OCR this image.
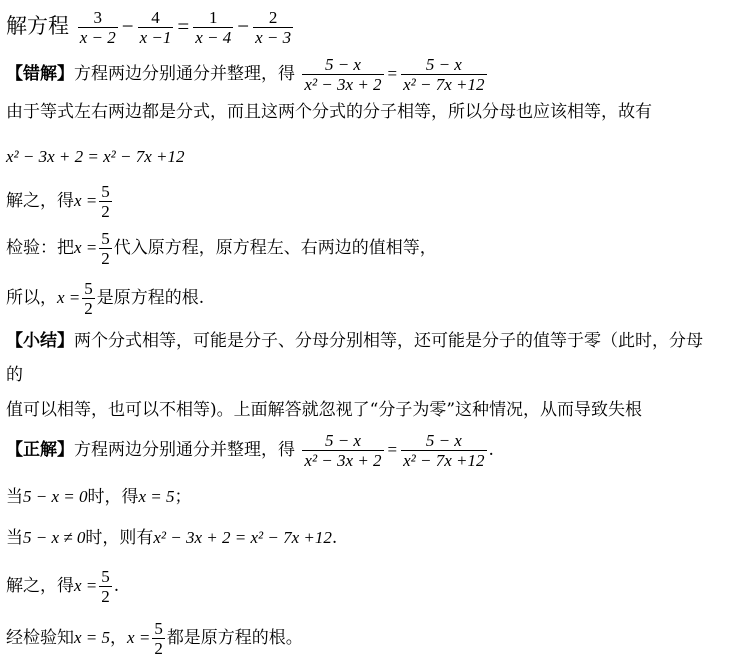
解方程 $\frac{3}{x - 2} - \frac{4}{x -1} = \frac{1}{x - 4} - \frac{2}{x - 3}$
【错解】方程两边分别通分并整理，得 $\frac{5 - x}{\text{x² − 3x + 2}} = \frac{5 - x}{\text{x² − 7x +12}}$
由于等式左右两边都是分式，而且这两个分式的分子相等，所以分母也应该相等，故有
x² − 3x + 2 = x² − 7x +12
解之，得$x = \frac{5}{2}$
检验：把$x = \frac{5}{2}$ 代入原方程，原方程左、右两边的值相等，
所以，$x = \frac{5}{2}$ 是原方程的根.
【小结】两个分式相等，可能是分子、分母分别相等，还可能是分子的值等于零（此时，分母
的
值可以相等，也可以不相等)。上面解答就忽视了“分子为零”这种情况，从而导致失根
【正解】方程两边分别通分并整理，得 $\frac{5 - x}{\text{x² − 3x + 2}} = \frac{5 - x}{\text{x² − 7x +12}}$ .
当5 − x = 0时，得x = 5；
当5 − x ≠ 0时，则有x² − 3x + 2 = x² − 7x +12.
解之，得$x = \frac{5}{2}$ .
经检验知x = 5，$x = \frac{5}{2}$ 都是原方程的根。
